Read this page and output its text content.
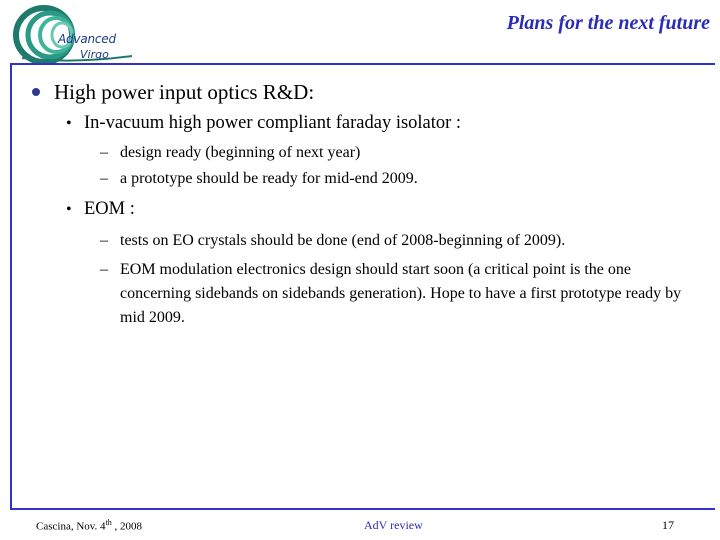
Advanced
Virgo
Plans for the next future
High power input optics R&D:
• In-vacuum high power compliant faraday isolator :
– design ready (beginning of next year)
– a prototype should be ready for mid-end 2009.
• EOM :
– tests on EO crystals should be done (end of 2008-beginning of 2009).
– EOM modulation electronics design should start soon (a critical point is the one concerning sidebands on sidebands generation). Hope to have a first prototype ready by mid 2009.
Cascina, Nov. 4th , 2008	AdV review	17
